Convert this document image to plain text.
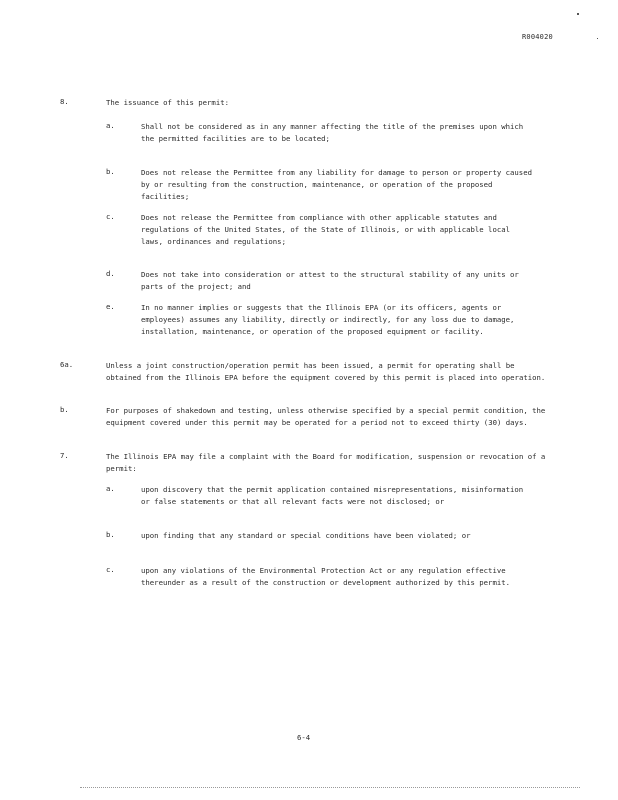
R004020
8.	The issuance of this permit:
a.	Shall not be considered as in any manner affecting the title of the premises upon which the permitted facilities are to be located;
b.	Does not release the Permittee from any liability for damage to person or property caused by or resulting from the construction, maintenance, or operation of the proposed facilities;
c.	Does not release the Permittee from compliance with other applicable statutes and regulations of the United States, of the State of Illinois, or with applicable local laws, ordinances and regulations;
d.	Does not take into consideration or attest to the structural stability of any units or parts of the project; and
e.	In no manner implies or suggests that the Illinois EPA (or its officers, agents or employees) assumes any liability, directly or indirectly, for any loss due to damage, installation, maintenance, or operation of the proposed equipment or facility.
6a.	Unless a joint construction/operation permit has been issued, a permit for operating shall be obtained from the Illinois EPA before the equipment covered by this permit is placed into operation.
b.	For purposes of shakedown and testing, unless otherwise specified by a special permit condition, the equipment covered under this permit may be operated for a period not to exceed thirty (30) days.
7.	The Illinois EPA may file a complaint with the Board for modification, suspension or revocation of a permit:
a.	upon discovery that the permit application contained misrepresentations, misinformation or false statements or that all relevant facts were not disclosed; or
b.	upon finding that any standard or special conditions have been violated; or
c.	upon any violations of the Environmental Protection Act or any regulation effective thereunder as a result of the construction or development authorized by this permit.
6-4
